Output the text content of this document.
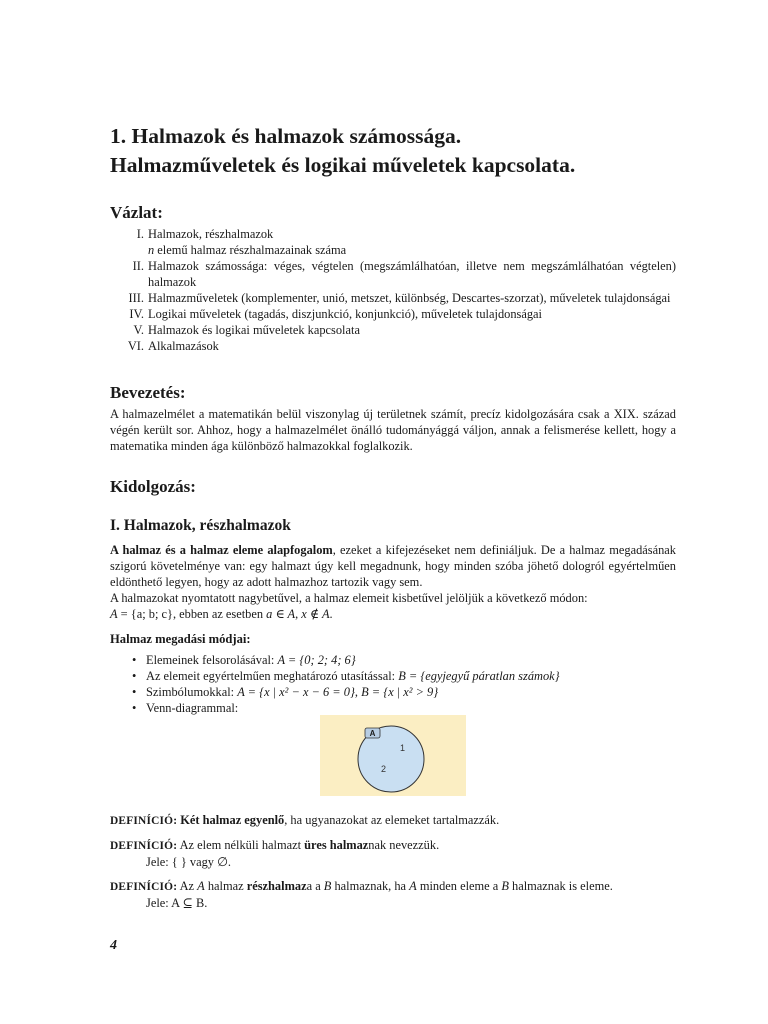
1. Halmazok és halmazok számossága.
Halmazműveletek és logikai műveletek kapcsolata.
Vázlat:
I. Halmazok, részhalmazok
n elemű halmaz részhalmazainak száma
II. Halmazok számossága: véges, végtelen (megszámlálhatóan, illetve nem megszámlálhatóan végtelen) halmazok
III. Halmazműveletek (komplementer, unió, metszet, különbség, Descartes-szorzat), műveletek tulajdonságai
IV. Logikai műveletek (tagadás, diszjunkció, konjunkció), műveletek tulajdonságai
V. Halmazok és logikai műveletek kapcsolata
VI. Alkalmazások
Bevezetés:

A halmazelmélet a matematikán belül viszonylag új területnek számít, precíz kidolgozására csak a XIX. század végén került sor. Ahhoz, hogy a halmazelmélet önálló tudományággá váljon, annak a felismerése kellett, hogy a matematika minden ága különböző halmazokkal foglalkozik.

Kidolgozás:
I. Halmazok, részhalmazok

A halmaz és a halmaz eleme alapfogalom, ezeket a kifejezéseket nem definiáljuk. De a halmaz megadásának szigorú követelménye van: egy halmazt úgy kell megadnunk, hogy minden szóba jöhető dologról egyértelműen eldönthető legyen, hogy az adott halmazhoz tartozik vagy sem.
A halmazokat nyomtatott nagybetűvel, a halmaz elemeit kisbetűvel jelöljük a következő módon:
A = {a; b; c}, ebben az esetben a ∈ A, x ∉ A.

Halmaz megadási módjai:

• Elemeinek felsorolásával: A = {0; 2; 4; 6}
• Az elemeit egyértelműen meghatározó utasítással: B = {egyjegyű páratlan számok}
• Szimbólumokkal: A = {x | x² − x − 6 = 0}, B = {x | x² > 9}
• Venn-diagrammal:
A
1
2

DEFINÍCIÓ: Két halmaz egyenlő, ha ugyanazokat az elemeket tartalmazzák.

DEFINÍCIÓ: Az elem nélküli halmazt üres halmaznak nevezzük.
Jele: { } vagy ∅.

DEFINÍCIÓ: Az A halmaz részhalmaza a B halmaznak, ha A minden eleme a B halmaznak is eleme.
Jele: A ⊆ B.

4
